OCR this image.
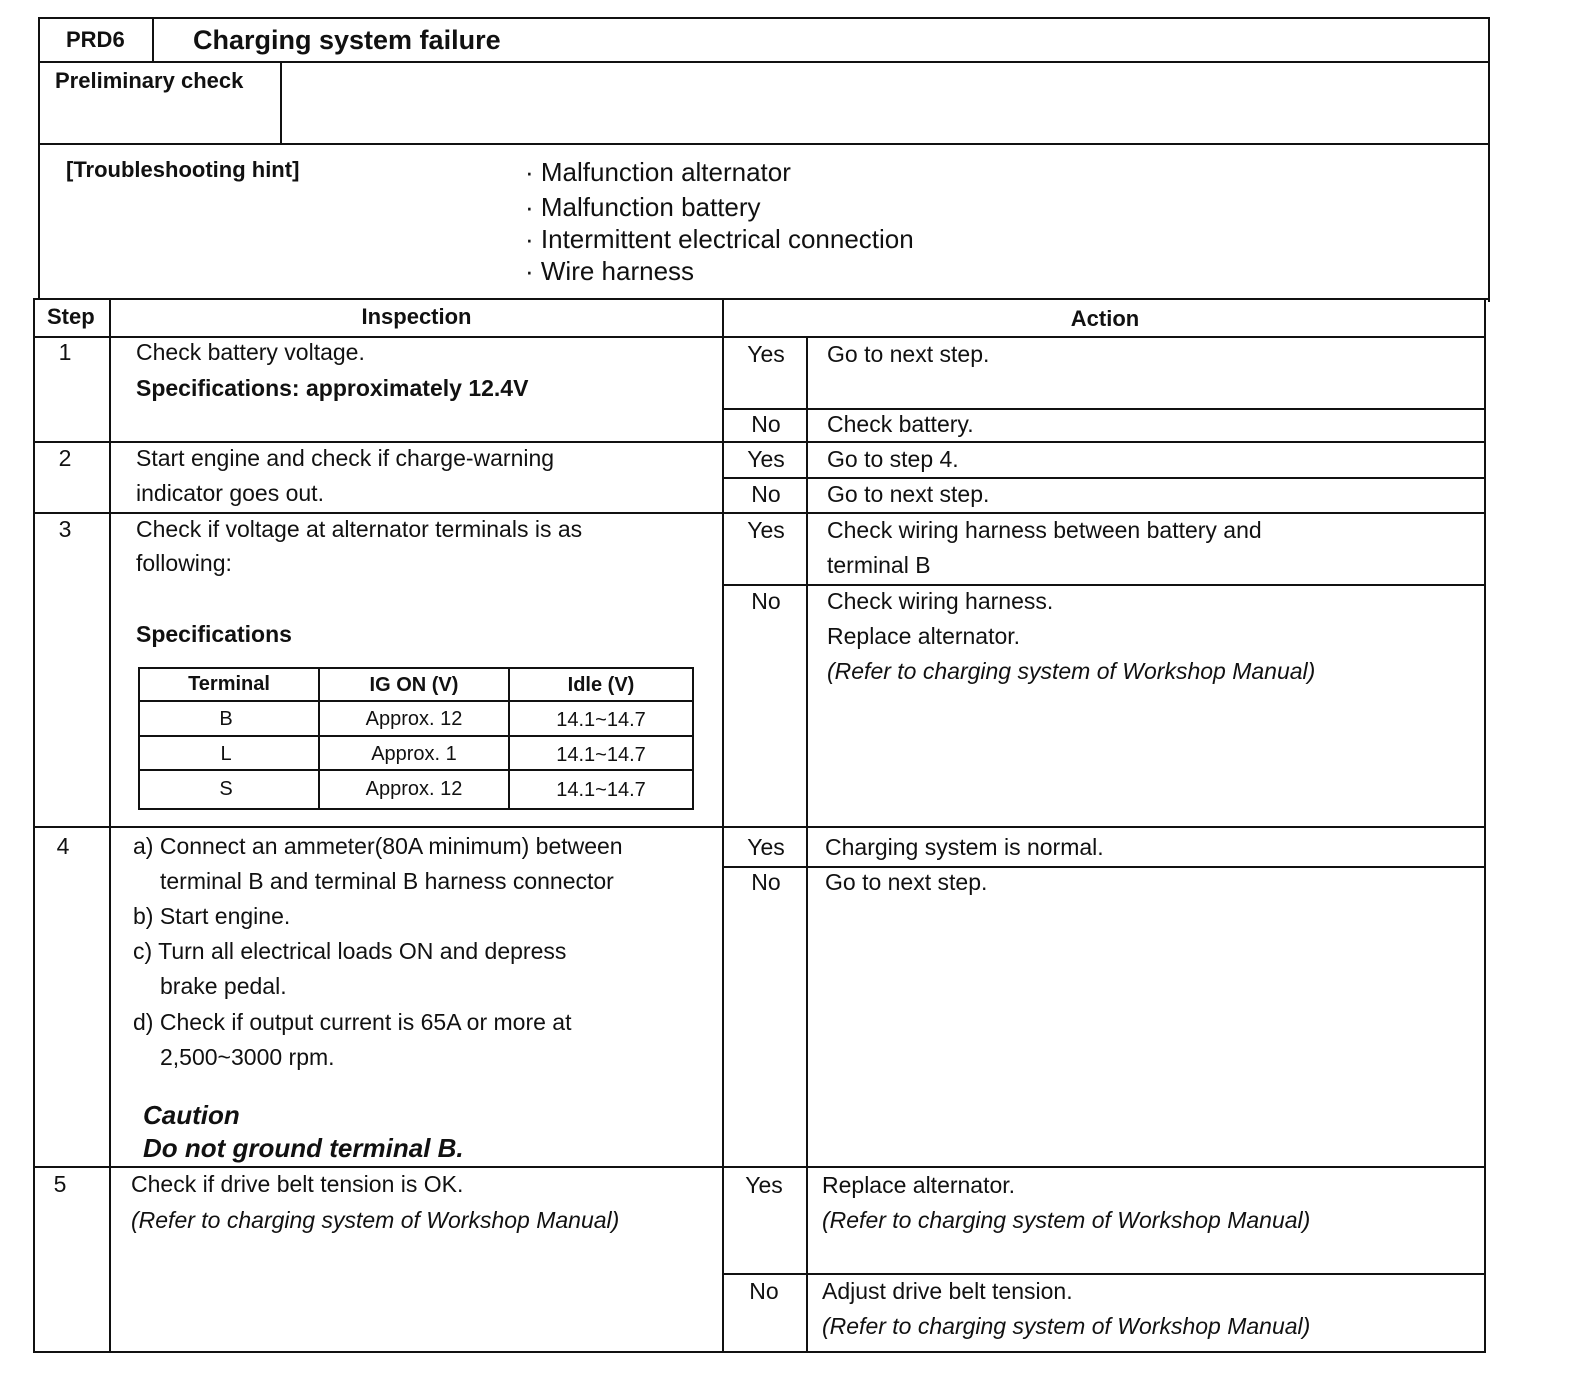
PRD6	Charging system failure
Preliminary check
[Troubleshooting hint]	· Malfunction alternator
· Malfunction battery
· Intermittent electrical connection
· Wire harness
Step	Inspection	Action
1	Check battery voltage.
Specifications: approximately 12.4V
Yes	Go to next step.
No	Check battery.
2	Start engine and check if charge-warning
indicator goes out.
Yes	Go to step 4.
No	Go to next step.
3	Check if voltage at alternator terminals is as
following:
Specifications
Terminal	IG ON (V)	Idle (V)
B	Approx. 12	14.1~14.7
L	Approx. 1	14.1~14.7
S	Approx. 12	14.1~14.7
Yes	Check wiring harness between battery and
terminal B
No	Check wiring harness.
Replace alternator.
(Refer to charging system of Workshop Manual)
4	a) Connect an ammeter(80A minimum) between
terminal B and terminal B harness connector
b) Start engine.
c) Turn all electrical loads ON and depress
brake pedal.
d) Check if output current is 65A or more at
2,500~3000 rpm.
Caution
Do not ground terminal B.
Yes	Charging system is normal.
No	Go to next step.
5	Check if drive belt tension is OK.
(Refer to charging system of Workshop Manual)
Yes	Replace alternator.
(Refer to charging system of Workshop Manual)
No	Adjust drive belt tension.
(Refer to charging system of Workshop Manual)
